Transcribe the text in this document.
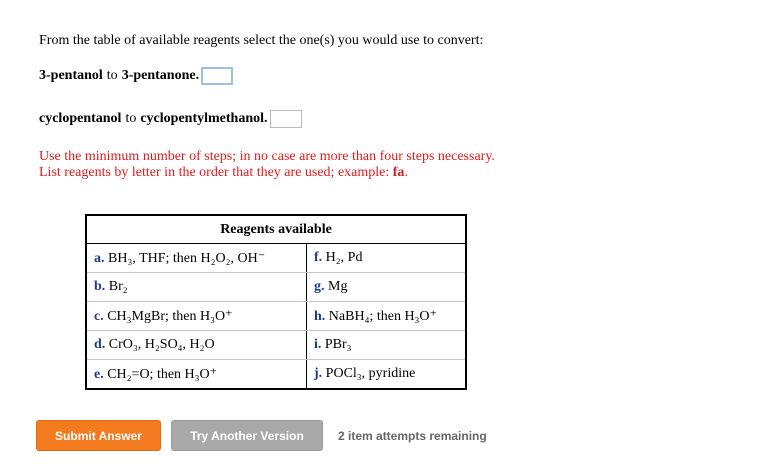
From the table of available reagents select the one(s) you would use to convert:
3-pentanol to 3-pentanone.
cyclopentanol to cyclopentylmethanol.
Use the minimum number of steps; in no case are more than four steps necessary.
List reagents by letter in the order that they are used; example: fa.
Reagents available	
a. BH₃, THF; then H₂O₂, OH⁻	f. H₂, Pd
b. Br₂	g. Mg
c. CH₃MgBr; then H₃O⁺	h. NaBH₄; then H₃O⁺
d. CrO₃, H₂SO₄, H₂O	i. PBr₃
e. CH₂=O; then H₃O⁺	j. POCl₃, pyridine
Submit Answer	Try Another Version	2 item attempts remaining
